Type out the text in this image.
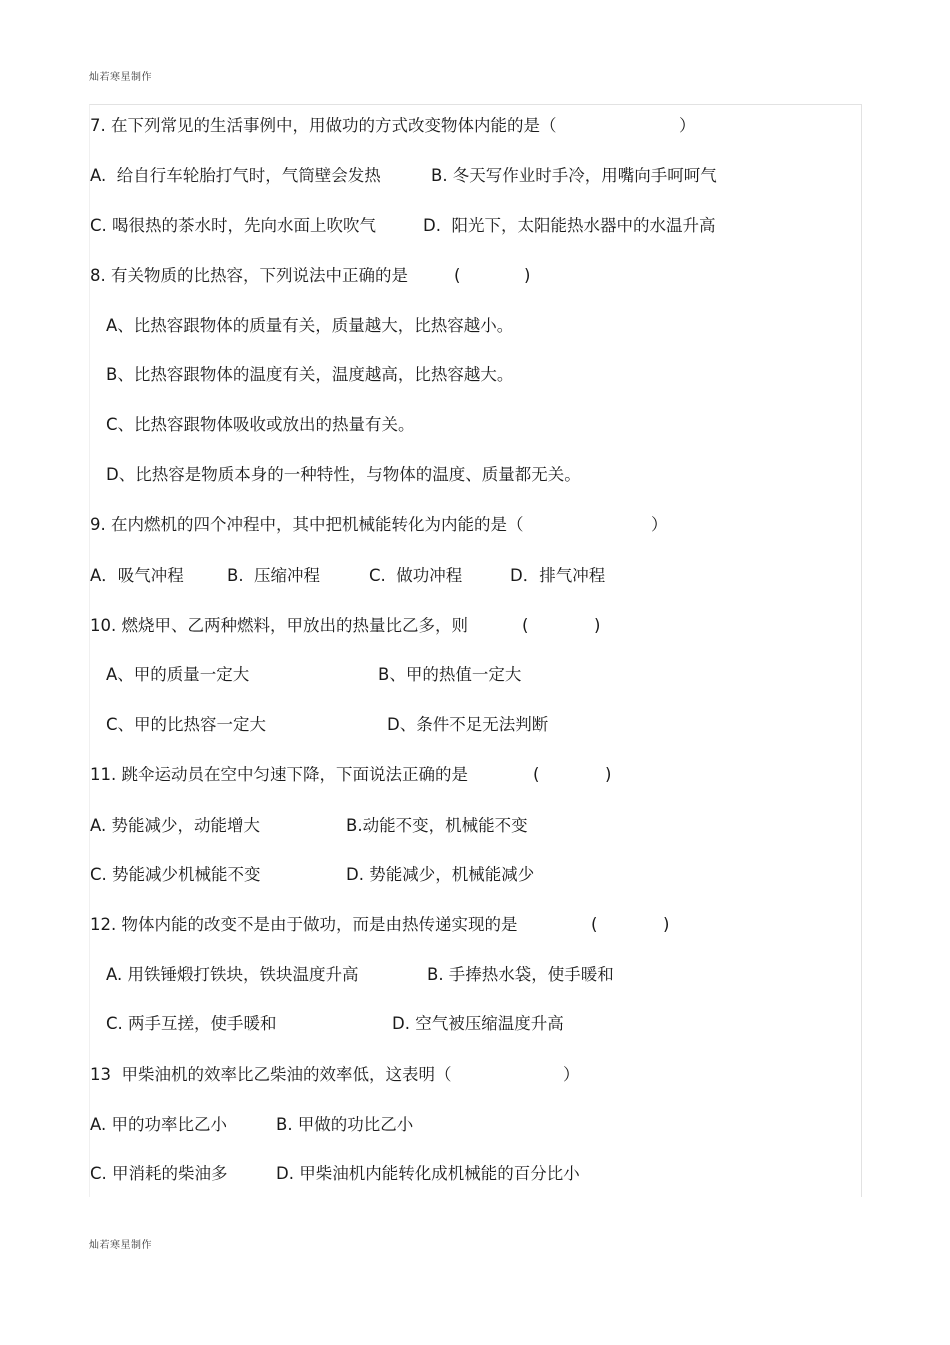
灿若寒星制作

7. 在下列常见的生活事例中，用做功的方式改变物体内能的是（

	）

A.  给自行车轮胎打气时，气筒壁会发热

	B. 冬天写作业时手冷，用嘴向手呵呵气

C. 喝很热的茶水时，先向水面上吹吹气

	D.  阳光下，太阳能热水器中的水温升高

8. 有关物质的比热容，下列说法中正确的是

	(

	)

A、比热容跟物体的质量有关，质量越大，比热容越小。
B、比热容跟物体的温度有关，温度越高，比热容越大。
C、比热容跟物体吸收或放出的热量有关。
D、比热容是物质本身的一种特性，与物体的温度、质量都无关。

9. 在内燃机的四个冲程中，其中把机械能转化为内能的是（

	）

A．吸气冲程

	B.  压缩冲程

	C.  做功冲程

	D．排气冲程

10. 燃烧甲、乙两种燃料，甲放出的热量比乙多，则

	(

	)

A、甲的质量一定大

	B、甲的热值一定大

C、甲的比热容一定大

	D、条件不足无法判断

11. 跳伞运动员在空中匀速下降，下面说法正确的是

	(

	)

A. 势能减少，动能增大

	B.动能不变，机械能不变

C. 势能减少机械能不变

	D. 势能减少，机械能减少

12. 物体内能的改变不是由于做功，而是由热传递实现的是

	(

	)

A. 用铁锤煅打铁块，铁块温度升高

	B. 手捧热水袋，使手暖和

C. 两手互搓，使手暖和

	D. 空气被压缩温度升高

13  甲柴油机的效率比乙柴油的效率低，这表明（

	）

A. 甲的功率比乙小

	B. 甲做的功比乙小

C. 甲消耗的柴油多

	D. 甲柴油机内能转化成机械能的百分比小

灿若寒星制作
